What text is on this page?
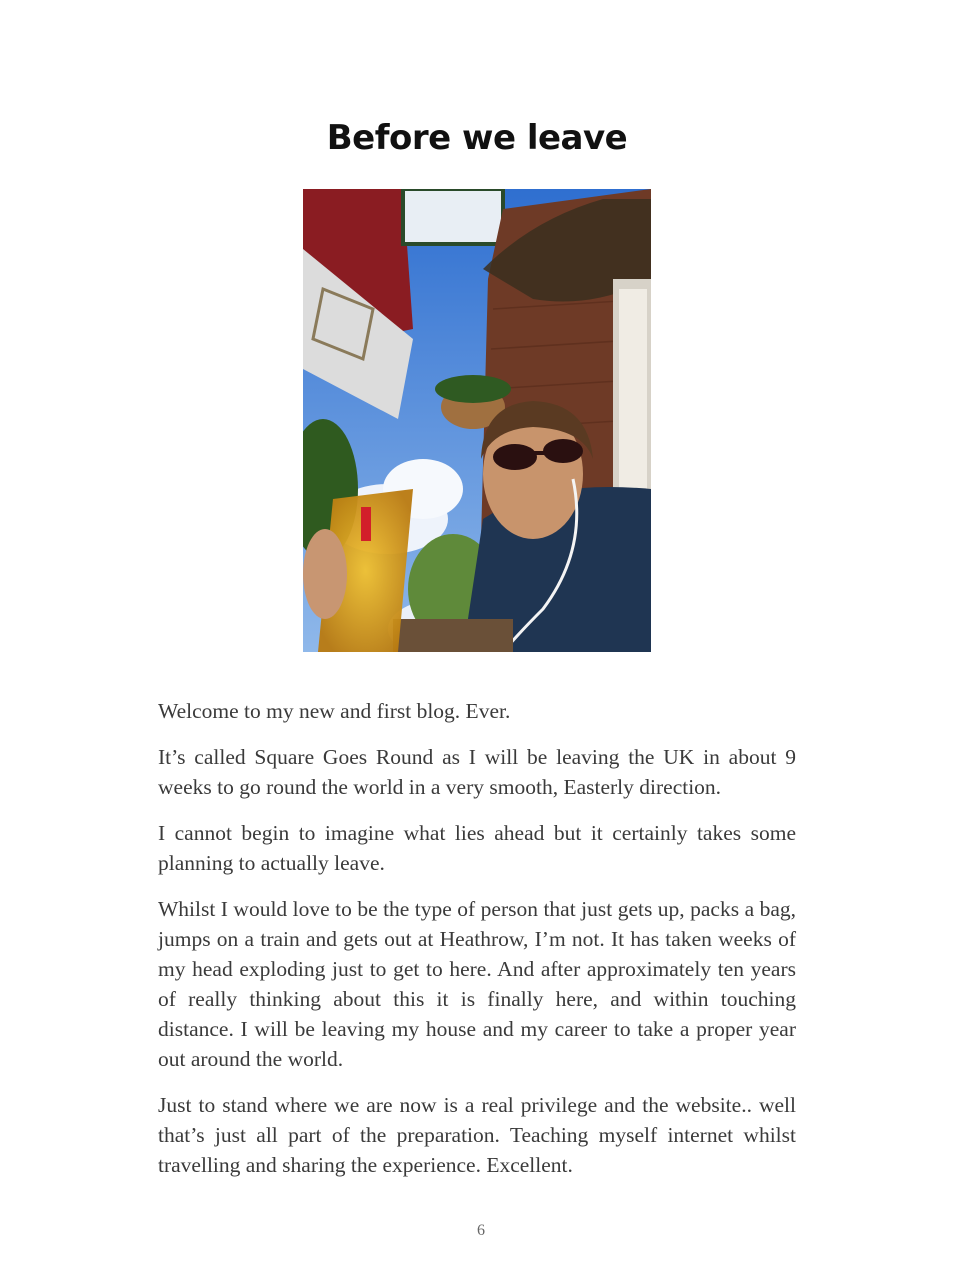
Before we leave

Welcome to my new and first blog. Ever.

It’s called Square Goes Round as I will be leaving the UK in about 9 weeks to go round the world in a very smooth, Easterly direction.

I cannot begin to imagine what lies ahead but it certainly takes some planning to actually leave.

Whilst I would love to be the type of person that just gets up, packs a bag, jumps on a train and gets out at Heathrow, I’m not. It has taken weeks of my head exploding just to get to here. And after approximately ten years of really thinking about this it is finally here, and within touching distance. I will be leaving my house and my career to take a proper year out around the world.

Just to stand where we are now is a real privilege and the website.. well that’s just all part of the preparation. Teaching myself internet whilst travelling and sharing the experience. Excellent.

6
